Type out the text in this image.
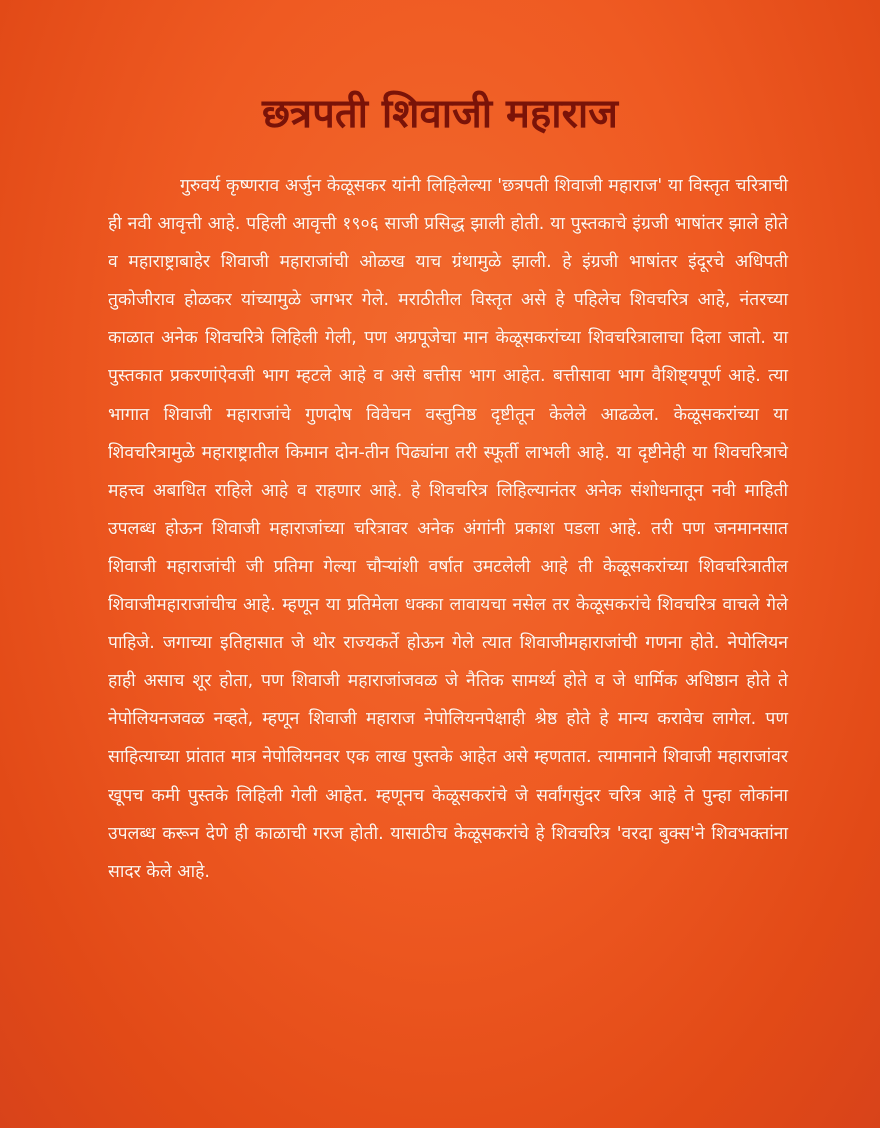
छत्रपती शिवाजी महाराज

गुरुवर्य कृष्णराव अर्जुन केळूसकर यांनी लिहिलेल्या 'छत्रपती शिवाजी महाराज' या विस्तृत चरित्राची ही नवी आवृत्ती आहे. पहिली आवृत्ती १९०६ साजी प्रसिद्ध झाली होती. या पुस्तकाचे इंग्रजी भाषांतर झाले होते व महाराष्ट्राबाहेर शिवाजी महाराजांची ओळख याच ग्रंथामुळे झाली. हे इंग्रजी भाषांतर इंदूरचे अधिपती तुकोजीराव होळकर यांच्यामुळे जगभर गेले. मराठीतील विस्तृत असे हे पहिलेच शिवचरित्र आहे, नंतरच्या काळात अनेक शिवचरित्रे लिहिली गेली, पण अग्रपूजेचा मान केळूसकरांच्या शिवचरित्रालाचा दिला जातो. या पुस्तकात प्रकरणांऐवजी भाग म्हटले आहे व असे बत्तीस भाग आहेत. बत्तीसावा भाग वैशिष्ट्यपूर्ण आहे. त्या भागात शिवाजी महाराजांचे गुणदोष विवेचन वस्तुनिष्ठ दृष्टीतून केलेले आढळेल. केळूसकरांच्या या शिवचरित्रामुळे महाराष्ट्रातील किमान दोन-तीन पिढ्यांना तरी स्फूर्ती लाभली आहे. या दृष्टीनेही या शिवचरित्राचे महत्त्व अबाधित राहिले आहे व राहणार आहे. हे शिवचरित्र लिहिल्यानंतर अनेक संशोधनातून नवी माहिती उपलब्ध होऊन शिवाजी महाराजांच्या चरित्रावर अनेक अंगांनी प्रकाश पडला आहे. तरी पण जनमानसात शिवाजी महाराजांची जी प्रतिमा गेल्या चौऱ्यांशी वर्षात उमटलेली आहे ती केळूसकरांच्या शिवचरित्रातील शिवाजीमहाराजांचीच आहे. म्हणून या प्रतिमेला धक्का लावायचा नसेल तर केळूसकरांचे शिवचरित्र वाचले गेले पाहिजे. जगाच्या इतिहासात जे थोर राज्यकर्ते होऊन गेले त्यात शिवाजीमहाराजांची गणना होते. नेपोलियन हाही असाच शूर होता, पण शिवाजी महाराजांजवळ जे नैतिक सामर्थ्य होते व जे धार्मिक अधिष्ठान होते ते नेपोलियनजवळ नव्हते, म्हणून शिवाजी महाराज नेपोलियनपेक्षाही श्रेष्ठ होते हे मान्य करावेच लागेल. पण साहित्याच्या प्रांतात मात्र नेपोलियनवर एक लाख पुस्तके आहेत असे म्हणतात. त्यामानाने शिवाजी महाराजांवर खूपच कमी पुस्तके लिहिली गेली आहेत. म्हणूनच केळूसकरांचे जे सर्वांगसुंदर चरित्र आहे ते पुन्हा लोकांना उपलब्ध करून देणे ही काळाची गरज होती. यासाठीच केळूसकरांचे हे शिवचरित्र 'वरदा बुक्स'ने शिवभक्तांना सादर केले आहे.
